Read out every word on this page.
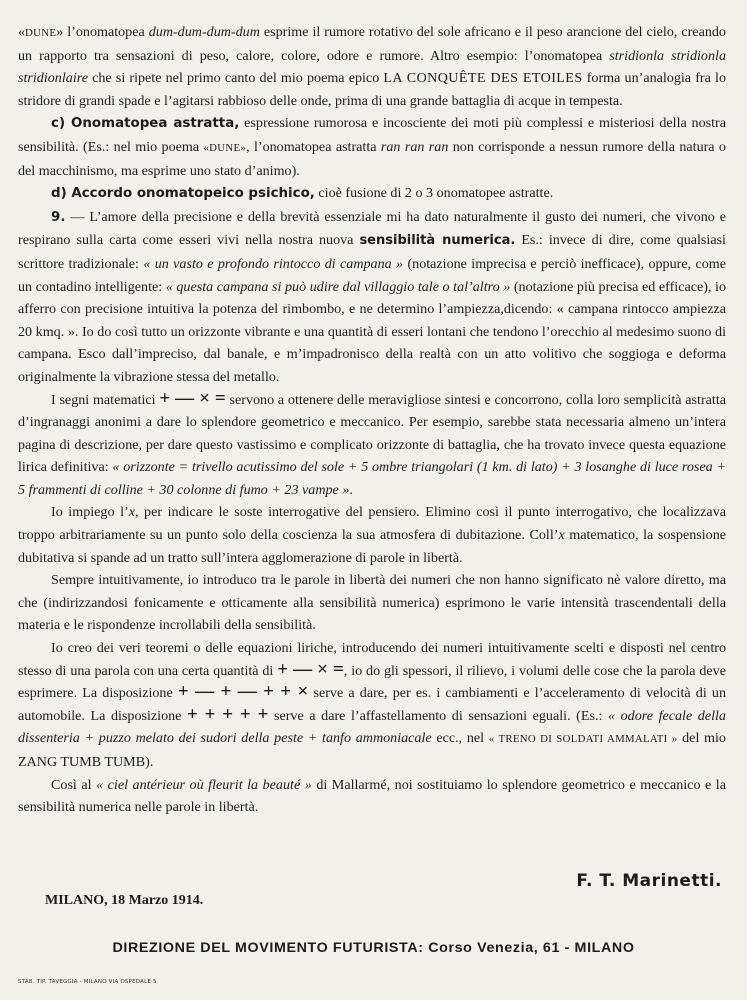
«DUNE» l’onomatopea dum-dum-dum-dum esprime il rumore rotativo del sole africano e il peso arancione del cielo, creando un rapporto tra sensazioni di peso, calore, colore, odore e rumore. Altro esempio: l’onomatopea stridionla stridionla stridionlaire che si ripete nel primo canto del mio poema epico LA CONQUÊTE DES ETOILES forma un’analogia fra lo stridore di grandi spade e l’agitarsi rabbioso delle onde, prima di una grande battaglia di acque in tempesta.

c) Onomatopea astratta, espressione rumorosa e incosciente dei moti più complessi e misteriosi della nostra sensibilità. (Es.: nel mio poema «DUNE», l’onomatopea astratta ran ran ran non corrisponde a nessun rumore della natura o del macchinismo, ma esprime uno stato d’animo).

d) Accordo onomatopeico psichico, cioè fusione di 2 o 3 onomatopee astratte.

9. — L’amore della precisione e della brevità essenziale mi ha dato naturalmente il gusto dei numeri, che vivono e respirano sulla carta come esseri vivi nella nostra nuova sensibilità numerica. Es.: invece di dire, come qualsiasi scrittore tradizionale: « un vasto e profondo rintocco di campana » (notazione imprecisa e perciò inefficace), oppure, come un contadino intelligente: « questa campana si può udire dal villaggio tale o tal’altro » (notazione più precisa ed efficace), io afferro con precisione intuitiva la potenza del rimbombo, e ne determino l’ampiezza,dicendo: « campana rintocco ampiezza 20 kmq. ». Io do così tutto un orizzonte vibrante e una quantità di esseri lontani che tendono l’orecchio al medesimo suono di campana. Esco dall’impreciso, dal banale, e m’impadronisco della realtà con un atto volitivo che soggioga e deforma originalmente la vibrazione stessa del metallo.

I segni matematici + — × = servono a ottenere delle meravigliose sintesi e concorrono, colla loro semplicità astratta d’ingranaggi anonimi a dare lo splendore geometrico e meccanico. Per esempio, sarebbe stata necessaria almeno un’intera pagina di descrizione, per dare questo vastissimo e complicato orizzonte di battaglia, che ha trovato invece questa equazione lirica definitiva: « orizzonte = trivello acutissimo del sole + 5 ombre triangolari (1 km. di lato) + 3 losanghe di luce rosea + 5 frammenti di colline + 30 colonne di fumo + 23 vampe ».

Io impiego l’x, per indicare le soste interrogative del pensiero. Elimino così il punto interrogativo, che localizzava troppo arbitrariamente su un punto solo della coscienza la sua atmosfera di dubitazione. Coll’x matematico, la sospensione dubitativa si spande ad un tratto sull’intera agglomerazione di parole in libertà.

Sempre intuitivamente, io introduco tra le parole in libertà dei numeri che non hanno significato nè valore diretto, ma che (indirizzandosi fonicamente e otticamente alla sensibilità numerica) esprimono le varie intensità trascendentali della materia e le rispondenze incrollabili della sensibilità.

Io creo dei veri teoremi o delle equazioni liriche, introducendo dei numeri intuitivamente scelti e disposti nel centro stesso di una parola con una certa quantità di + — × =, io do gli spessori, il rilievo, i volumi delle cose che la parola deve esprimere. La disposizione + — + — + + × serve a dare, per es. i cambiamenti e l’acceleramento di velocità di un automobile. La disposizione + + + + + serve a dare l’affastellamento di sensazioni eguali. (Es.: « odore fecale della dissenteria + puzzo melato dei sudori della peste + tanfo ammoniacale ecc., nel « TRENO DI SOLDATI AMMALATI » del mio ZANG TUMB TUMB).

Così al « ciel antérieur où fleurit la beauté » di Mallarmé, noi sostituiamo lo splendore geometrico e meccanico e la sensibilità numerica nelle parole in libertà.

F. T. Marinetti.
MILANO, 18 Marzo 1914.
DIREZIONE DEL MOVIMENTO FUTURISTA: Corso Venezia, 61 - MILANO
STAB. TIP. TAVEGGIA - MILANO VIA OSPEDALE 5
